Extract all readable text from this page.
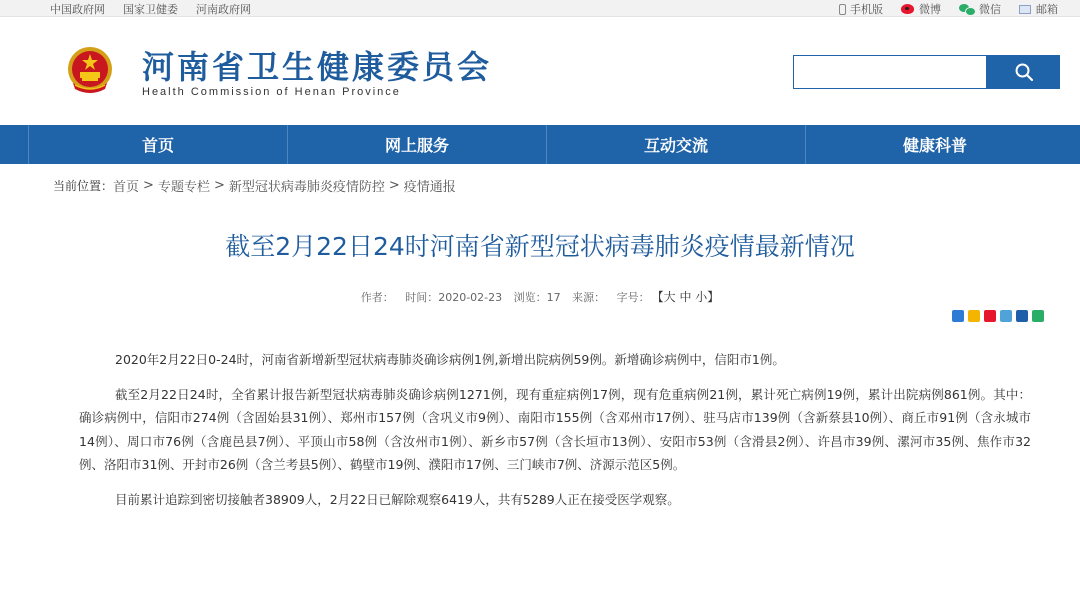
中国政府网 国家卫健委 河南政府网	手机版	微博	微信	邮箱
河南省卫生健康委员会
Health Commission of Henan Province
首页	网上服务	互动交流	健康科普
当前位置： 首页 > 专题专栏 > 新型冠状病毒肺炎疫情防控 > 疫情通报
截至2月22日24时河南省新型冠状病毒肺炎疫情最新情况
作者： 时间：2020-02-23 浏览：17 来源： 字号： 【大 中 小】

2020年2月22日0-24时，河南省新增新型冠状病毒肺炎确诊病例1例,新增出院病例59例。新增确诊病例中，信阳市1例。

截至2月22日24时，全省累计报告新型冠状病毒肺炎确诊病例1271例，现有重症病例17例，现有危重病例21例，累计死亡病例19例，累计出院病例861例。其中：确诊病例中，信阳市274例（含固始县31例）、郑州市157例（含巩义市9例）、南阳市155例（含邓州市17例）、驻马店市139例（含新蔡县10例）、商丘市91例（含永城市14例）、周口市76例（含鹿邑县7例）、平顶山市58例（含汝州市1例）、新乡市57例（含长垣市13例）、安阳市53例（含滑县2例）、许昌市39例、漯河市35例、焦作市32例、洛阳市31例、开封市26例（含兰考县5例）、鹤壁市19例、濮阳市17例、三门峡市7例、济源示范区5例。

目前累计追踪到密切接触者38909人，2月22日已解除观察6419人，共有5289人正在接受医学观察。
